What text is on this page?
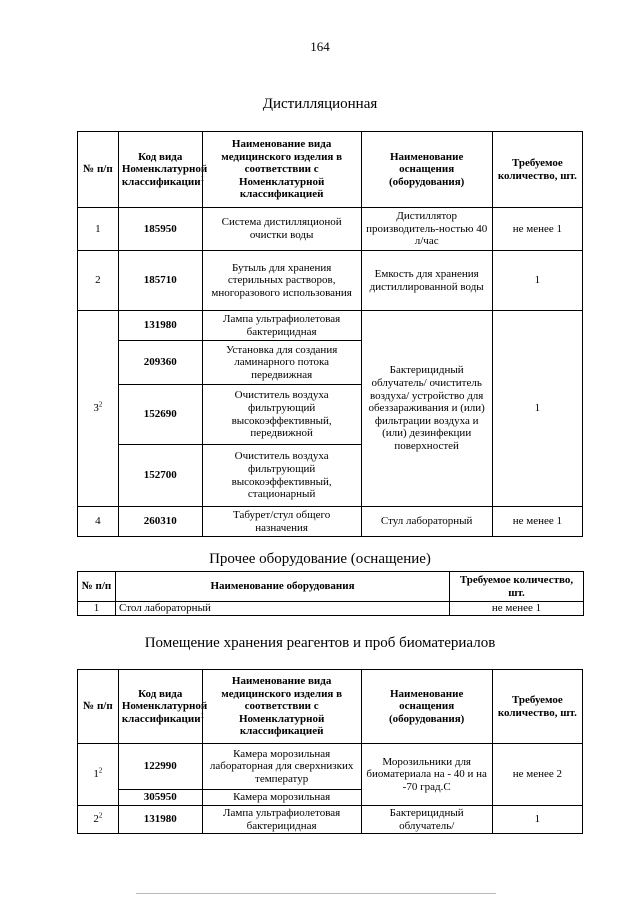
164
Дистилляционная
№ п/п	Код вида Номенклатурной классификации$^1$	Наименование вида медицинского изделия в соответствии с Номенклатурной классификацией	Наименование оснащения (оборудования)	Требуемое количество, шт.
1	185950	Система дистилляционой очистки воды	Дистиллятор производитель-ностью 40 л/час	не менее 1
2	185710	Бутыль для хранения стерильных растворов, многоразового использования	Емкость для хранения дистиллированной воды	1
$3^2$	131980	Лампа ультрафиолетовая бактерицидная	Бактерицидный облучатель/ очиститель воздуха/ устройство для обеззараживания и (или) фильтрации воздуха и (или) дезинфекции поверхностей	1
	209360	Установка для создания ламинарного потока передвижная		
	152690	Очиститель воздуха фильтрующий высокоэффективный, передвижной		
	152700	Очиститель воздуха фильтрующий высокоэффективный, стационарный		
4	260310	Табурет/стул общего назначения	Стул лабораторный	не менее 1
Прочее оборудование (оснащение)
№ п/п	Наименование оборудования	Требуемое количество, шт.
1	Стол лабораторный	не менее 1
Помещение хранения реагентов и проб биоматериалов
№ п/п	Код вида Номенклатурной классификации$^1$	Наименование вида медицинского изделия в соответствии с Номенклатурной классификацией	Наименование оснащения (оборудования)	Требуемое количество, шт.
$1^2$	122990	Камера морозильная лабораторная для сверхнизких температур	Морозильники для биоматериала на - 40 и на -70 град.С	не менее 2
	305950	Камера морозильная		
$2^2$	131980	Лампа ультрафиолетовая бактерицидная	Бактерицидный облучатель/	1
